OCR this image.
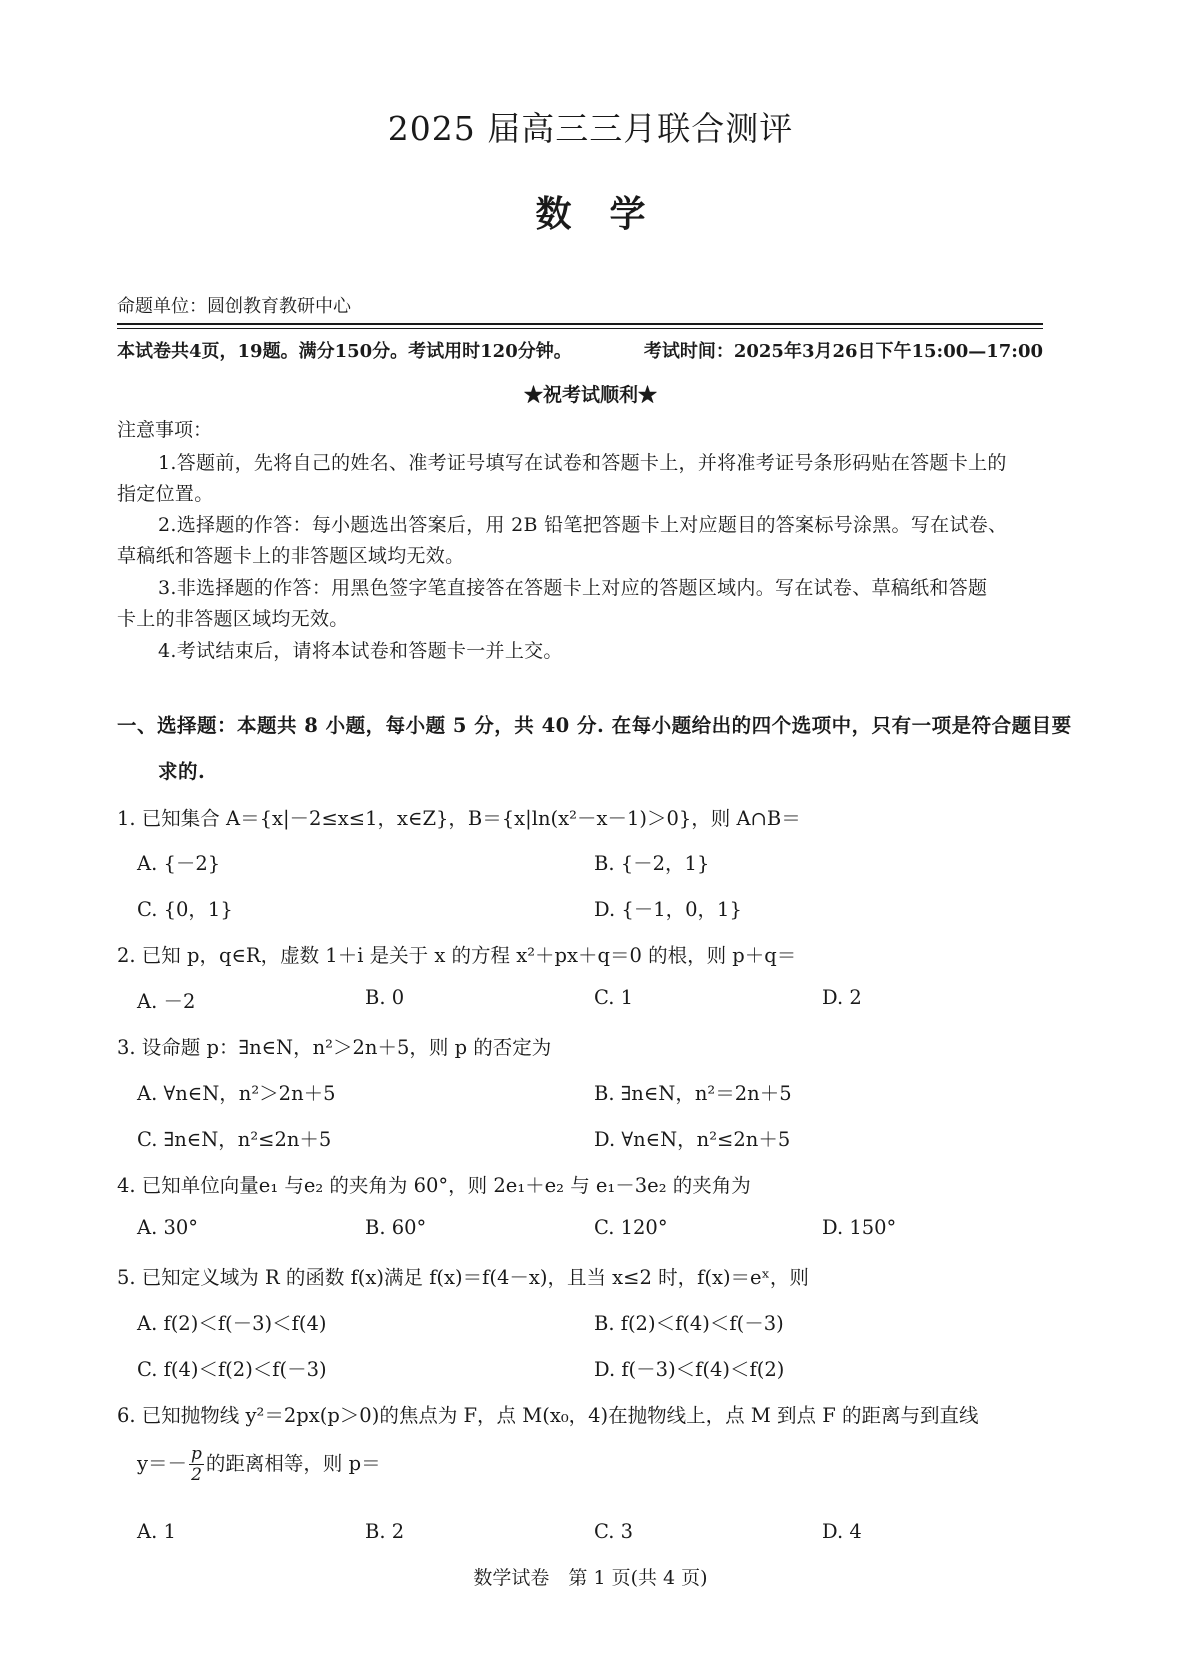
2025 届高三三月联合测评
数学
命题单位：圆创教育教研中心
本试卷共4页，19题。满分150分。考试用时120分钟。	考试时间：2025年3月26日下午15:00—17:00
★祝考试顺利★
注意事项：
1.答题前，先将自己的姓名、准考证号填写在试卷和答题卡上，并将准考证号条形码贴在答题卡上的
指定位置。
2.选择题的作答：每小题选出答案后，用 2B 铅笔把答题卡上对应题目的答案标号涂黑。写在试卷、
草稿纸和答题卡上的非答题区域均无效。
3.非选择题的作答：用黑色签字笔直接答在答题卡上对应的答题区域内。写在试卷、草稿纸和答题
卡上的非答题区域均无效。
4.考试结束后，请将本试卷和答题卡一并上交。
一、选择题：本题共 8 小题，每小题 5 分，共 40 分. 在每小题给出的四个选项中，只有一项是符合题目要
求的.
1. 已知集合 A＝{x|－2≤x≤1，x∈Z}，B＝{x|ln(x²－x－1)＞0}，则 A∩B＝
A. {－2}	B. {－2，1}
C. {0，1}	D. {－1，0，1}
2. 已知 p，q∈R，虚数 1＋i 是关于 x 的方程 x²＋px＋q＝0 的根，则 p＋q＝
A. －2	B. 0	C. 1	D. 2
3. 设命题 p：∃n∈N，n²＞2n＋5，则 p 的否定为
A. ∀n∈N，n²＞2n＋5	B. ∃n∈N，n²＝2n＋5
C. ∃n∈N，n²≤2n＋5	D. ∀n∈N，n²≤2n＋5
4. 已知单位向量e₁ 与e₂ 的夹角为 60°，则 2e₁＋e₂ 与 e₁－3e₂ 的夹角为
A. 30°	B. 60°	C. 120°	D. 150°
5. 已知定义域为 R 的函数 f(x)满足 f(x)＝f(4－x)，且当 x≤2 时，f(x)＝eˣ，则
A. f(2)＜f(－3)＜f(4)	B. f(2)＜f(4)＜f(－3)
C. f(4)＜f(2)＜f(－3)	D. f(－3)＜f(4)＜f(2)
6. 已知抛物线 y²＝2px(p＞0)的焦点为 F，点 M(x₀，4)在抛物线上，点 M 到点 F 的距离与到直线
$y=- \frac{p}{2}$ 的距离相等，则 p＝
A. 1	B. 2	C. 3	D. 4
数学试卷　第 1 页(共 4 页)
